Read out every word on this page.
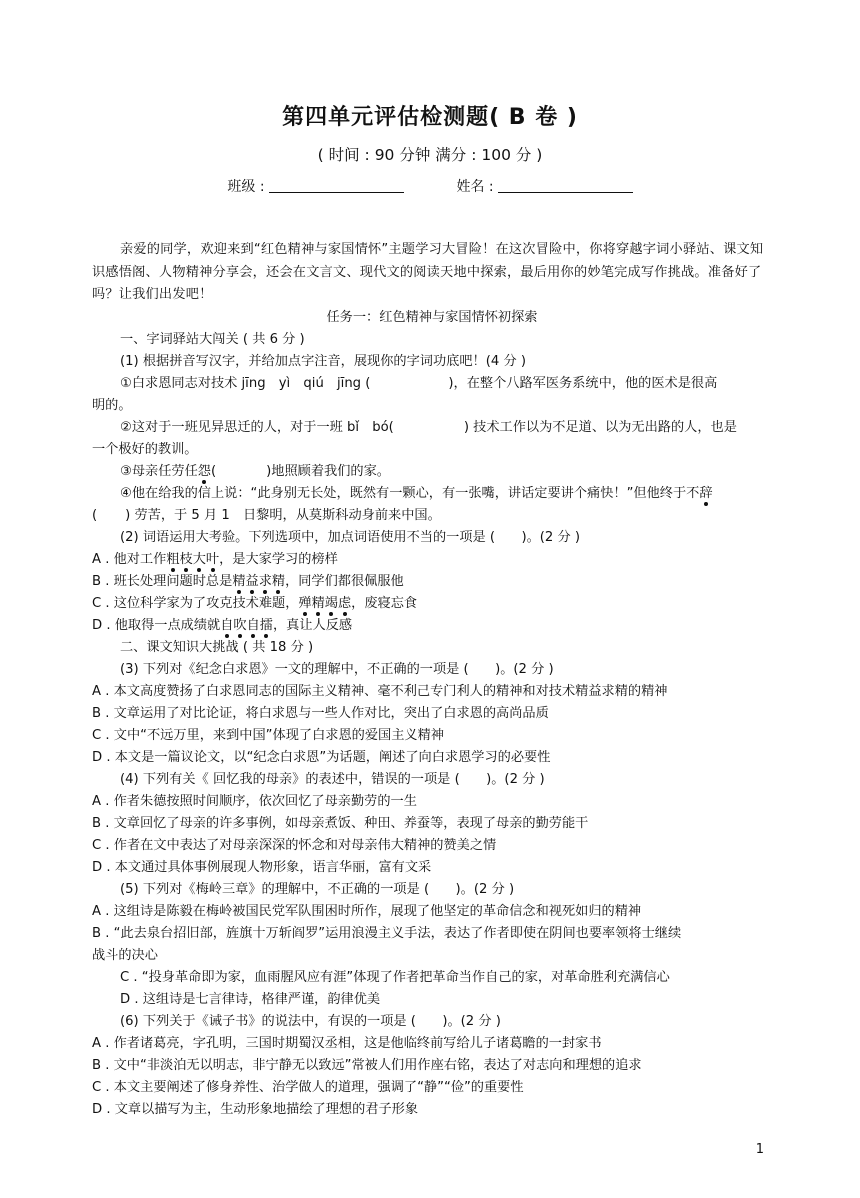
第四单元评估检测题( B 卷 )
( 时间 : 90 分钟 满分 : 100 分 )
班级 :	姓名 :
亲爱的同学，欢迎来到“红色精神与家国情怀”主题学习大冒险！在这次冒险中，你将穿越字词小驿站、课文知识感悟阁、人物精神分享会，还会在文言文、现代文的阅读天地中探索，最后用你的妙笔完成写作挑战。准备好了吗？让我们出发吧！
任务一：红色精神与家国情怀初探索
一、字词驿站大闯关 ( 共 6 分 )
(1) 根据拼音写汉字，并给加点字注音，展现你的字词功底吧！(4 分 )
①白求恩同志对技术 jīng　yì　qiú　jīng (	)，在整个八路军医务系统中，他的医术是很高
明的。
②这对于一班见异思迁的人，对于一班 bǐ　bó(	) 技术工作以为不足道、以为无出路的人，也是
一个极好的教训。
③母亲任劳任怨(	)地照顾着我们的家。
④他在给我的信上说：“此身别无长处，既然有一颗心，有一张嘴，讲话定要讲个痛快！”但他终于不辞
( ) 劳苦，于 5 月 1　日黎明，从莫斯科动身前来中国。
(2) 词语运用大考验。下列选项中，加点词语使用不当的一项是 (　　)。(2 分 )
A . 他对工作粗枝大叶，是大家学习的榜样
B . 班长处理问题时总是精益求精，同学们都很佩服他
C . 这位科学家为了攻克技术难题，殚精竭虑，废寝忘食
D . 他取得一点成绩就自吹自擂，真让人反感
二、课文知识大挑战 ( 共 18 分 )
(3) 下列对《纪念白求恩》一文的理解中，不正确的一项是 (　　)。(2 分 )
A . 本文高度赞扬了白求恩同志的国际主义精神、毫不利己专门利人的精神和对技术精益求精的精神
B . 文章运用了对比论证，将白求恩与一些人作对比，突出了白求恩的高尚品质
C . 文中“不远万里，来到中国”体现了白求恩的爱国主义精神
D . 本文是一篇议论文，以“纪念白求恩”为话题，阐述了向白求恩学习的必要性
(4) 下列有关《 回忆我的母亲》的表述中，错误的一项是 (　　)。(2 分 )
A . 作者朱德按照时间顺序，依次回忆了母亲勤劳的一生
B . 文章回忆了母亲的许多事例，如母亲煮饭、种田、养蚕等，表现了母亲的勤劳能干
C . 作者在文中表达了对母亲深深的怀念和对母亲伟大精神的赞美之情
D . 本文通过具体事例展现人物形象，语言华丽，富有文采
(5) 下列对《梅岭三章》的理解中，不正确的一项是 (　　)。(2 分 )
A . 这组诗是陈毅在梅岭被国民党军队围困时所作，展现了他坚定的革命信念和视死如归的精神
B . “此去泉台招旧部，旌旗十万斩阎罗”运用浪漫主义手法，表达了作者即使在阴间也要率领将士继续
战斗的决心
C . “投身革命即为家，血雨腥风应有涯”体现了作者把革命当作自己的家，对革命胜利充满信心
D . 这组诗是七言律诗，格律严谨，韵律优美
(6) 下列关于《诫子书》的说法中，有误的一项是 (　　)。(2 分 )
A . 作者诸葛亮，字孔明，三国时期蜀汉丞相，这是他临终前写给儿子诸葛瞻的一封家书
B . 文中“非淡泊无以明志，非宁静无以致远”常被人们用作座右铭，表达了对志向和理想的追求
C . 本文主要阐述了修身养性、治学做人的道理，强调了“静”“俭”的重要性
D . 文章以描写为主，生动形象地描绘了理想的君子形象
1
